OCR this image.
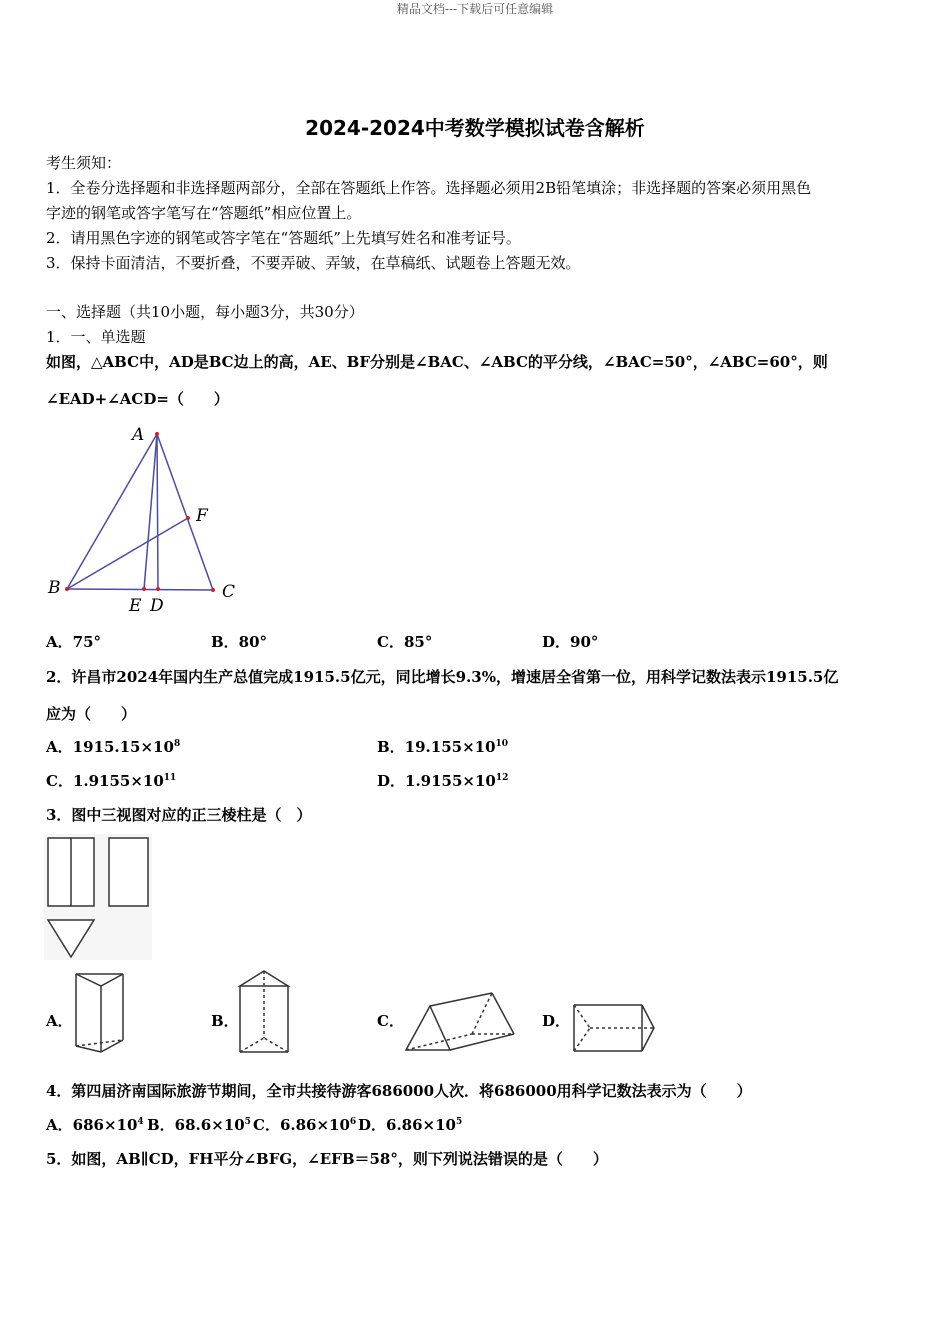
精品文档---下载后可任意编辑
2024-2024中考数学模拟试卷含解析
考生须知：
1．全卷分选择题和非选择题两部分，全部在答题纸上作答。选择题必须用2B铅笔填涂；非选择题的答案必须用黑色
字迹的钢笔或答字笔写在“答题纸”相应位置上。
2．请用黑色字迹的钢笔或答字笔在“答题纸”上先填写姓名和准考证号。
3．保持卡面清洁，不要折叠，不要弄破、弄皱，在草稿纸、试题卷上答题无效。
一、选择题（共10小题，每小题3分，共30分）
1．一、单选题
如图，△ABC中，AD是BC边上的高，AE、BF分别是∠BAC、∠ABC的平分线，∠BAC=50°，∠ABC=60°，则
∠EAD+∠ACD=（　　）
A
B	C
E D
F
A．75°	B．80°	C．85°	D．90°
2．许昌市2024年国内生产总值完成1915.5亿元，同比增长9.3%，增速居全省第一位，用科学记数法表示1915.5亿
应为（　　）
A．$1915.15\times 10^8$	B．$19.155\times 10^{10}$
C．$1.9155\times 10^{11}$	D．$1.9155\times 10^{12}$
3．图中三视图对应的正三棱柱是（　）
A．	B．	C．	D．
4．第四届济南国际旅游节期间，全市共接待游客686000人次．将686000用科学记数法表示为（　　）
A．$686\times 10^4$ B．$68.6\times 10^5$ C．$6.86\times 10^6$ D．$6.86\times 10^5$
5．如图，AB∥CD，FH平分∠BFG，∠EFB＝58°，则下列说法错误的是（　　）
